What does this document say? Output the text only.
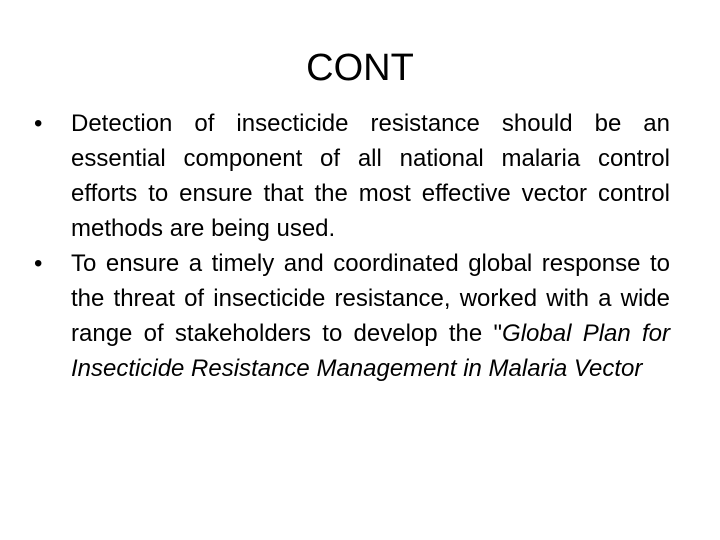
CONT
• Detection of insecticide resistance should be an essential component of all national malaria control efforts to ensure that the most effective vector control methods are being used.
• To ensure a timely and coordinated global response to the threat of insecticide resistance, worked with a wide range of stakeholders to develop the "Global Plan for Insecticide Resistance Management in Malaria Vector
